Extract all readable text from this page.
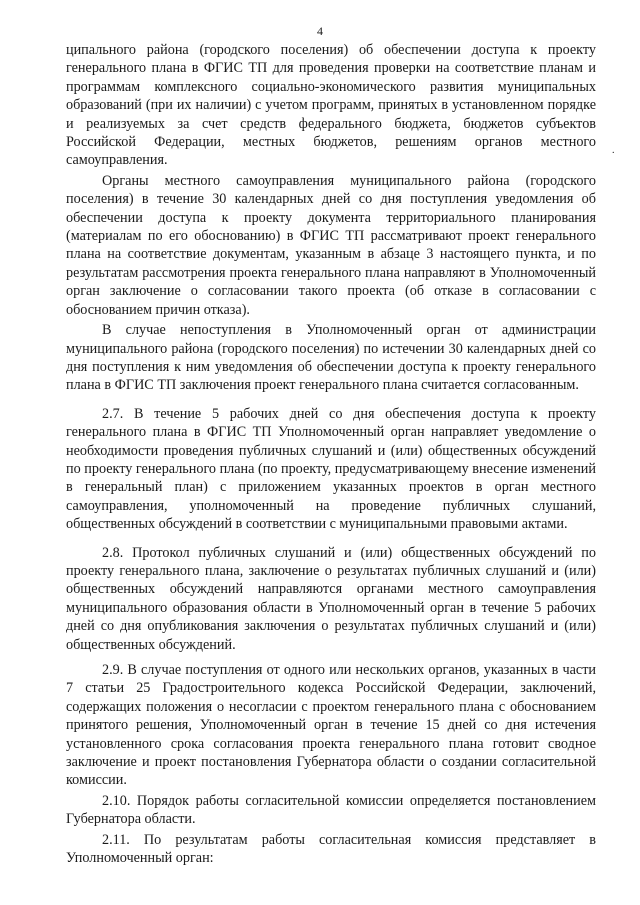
4
.

ципального района (городского поселения) об обеспечении доступа к проекту генерального плана в ФГИС ТП для проведения проверки на соответствие планам и программам комплексного социально-экономического развития муниципальных образований (при их наличии) с учетом программ, принятых в установленном порядке и реализуемых за счет средств федерального бюджета, бюджетов субъектов Российской Федерации, местных бюджетов, решениям органов местного самоуправления.

Органы местного самоуправления муниципального района (городского поселения) в течение 30 календарных дней со дня поступления уведомления об обеспечении доступа к проекту документа территориального планирования (материалам по его обоснованию) в ФГИС ТП рассматривают проект генерального плана на соответствие документам, указанным в абзаце 3 настоящего пункта, и по результатам рассмотрения проекта генерального плана направляют в Уполномоченный орган заключение о согласовании такого проекта (об отказе в согласовании с обоснованием причин отказа).

В случае непоступления в Уполномоченный орган от администрации муниципального района (городского поселения) по истечении 30 календарных дней со дня поступления к ним уведомления об обеспечении доступа к проекту генерального плана в ФГИС ТП заключения проект генерального плана считается согласованным.

2.7. В течение 5 рабочих дней со дня обеспечения доступа к проекту генерального плана в ФГИС ТП Уполномоченный орган направляет уведомление о необходимости проведения публичных слушаний и (или) общественных обсуждений по проекту генерального плана (по проекту, предусматривающему внесение изменений в генеральный план) с приложением указанных проектов в орган местного самоуправления, уполномоченный на проведение публичных слушаний, общественных обсуждений в соответствии с муниципальными правовыми актами.

2.8. Протокол публичных слушаний и (или) общественных обсуждений по проекту генерального плана, заключение о результатах публичных слушаний и (или) общественных обсуждений направляются органами местного самоуправления муниципального образования области в Уполномоченный орган в течение 5 рабочих дней со дня опубликования заключения о результатах публичных слушаний и (или) общественных обсуждений.

2.9. В случае поступления от одного или нескольких органов, указанных в части 7 статьи 25 Градостроительного кодекса Российской Федерации, заключений, содержащих положения о несогласии с проектом генерального плана с обоснованием принятого решения, Уполномоченный орган в течение 15 дней со дня истечения установленного срока согласования проекта генерального плана готовит сводное заключение и проект постановления Губернатора области о создании согласительной комиссии.

2.10. Порядок работы согласительной комиссии определяется постановлением Губернатора области.

2.11. По результатам работы согласительная комиссия представляет в Уполномоченный орган:
